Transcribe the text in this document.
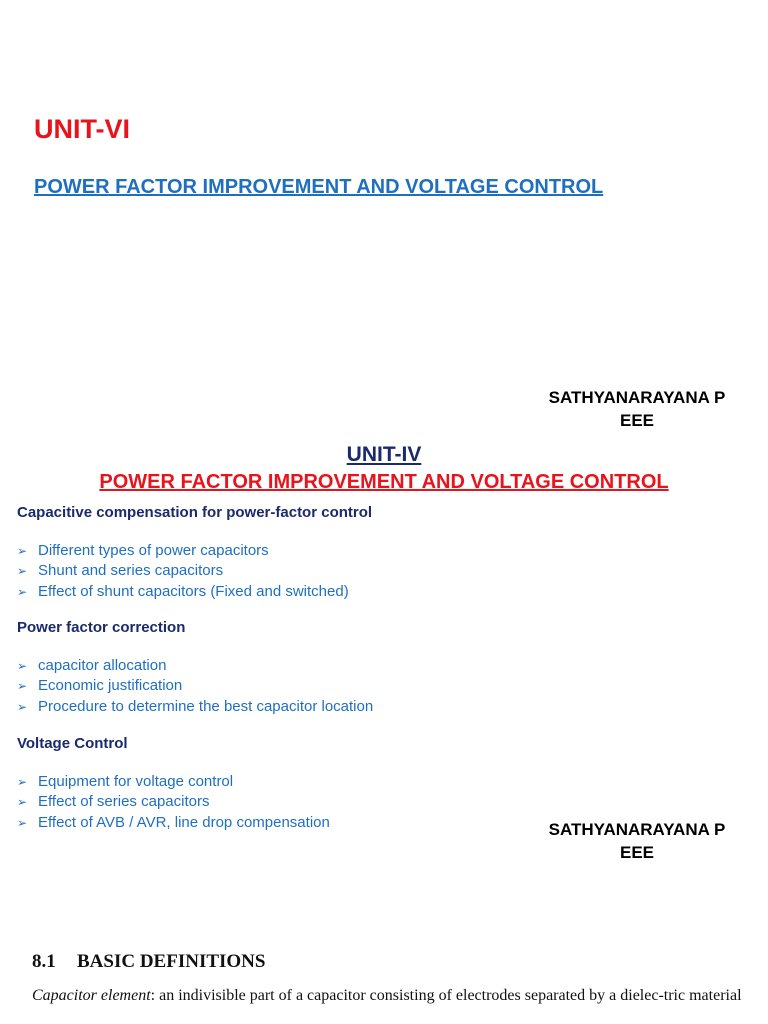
UNIT-VI
POWER FACTOR IMPROVEMENT AND VOLTAGE CONTROL
SATHYANARAYANA P
EEE
UNIT-IV
POWER FACTOR IMPROVEMENT AND VOLTAGE CONTROL
Capacitive compensation for power-factor control
➢ Different types of power capacitors
➢ Shunt and series capacitors
➢ Effect of shunt capacitors (Fixed and switched)
Power factor correction
➢ capacitor allocation
➢ Economic justification
➢ Procedure to determine the best capacitor location
Voltage Control
➢ Equipment for voltage control
➢ Effect of series capacitors
➢ Effect of AVB / AVR, line drop compensation	SATHYANARAYANA P
EEE
8.1 BASIC DEFINITIONS
Capacitor element: an indivisible part of a capacitor consisting of electrodes separated by a dielec-tric material
